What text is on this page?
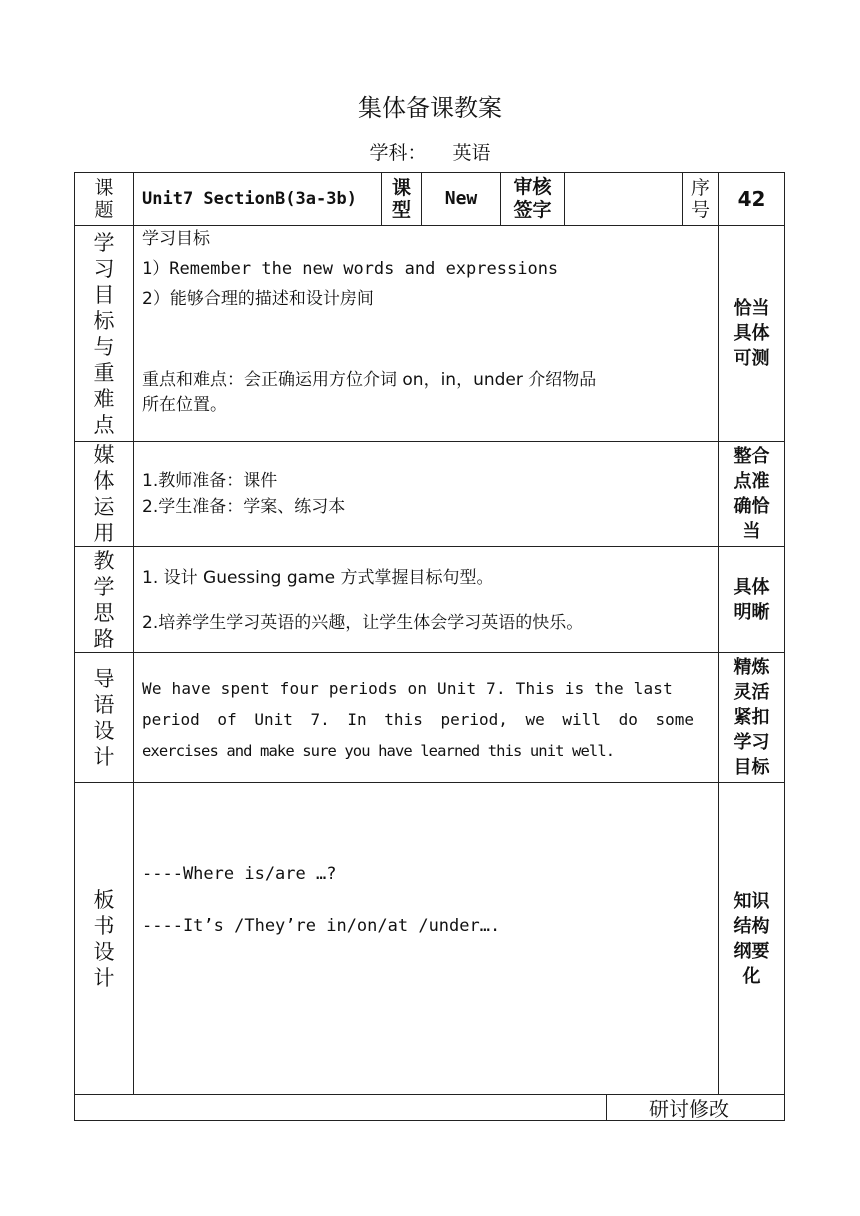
集体备课教案
学科： 英语
课题 Unit7 SectionB(3a-3b) 课型 New
审核签字
序号 42
学习目标与重难点
学习目标
1）Remember the new words and expressions
2）能够合理的描述和设计房间
重点和难点：会正确运用方位介词 on，in，under 介绍物品
所在位置。
恰当具体可测
媒体运用
1.教师准备：课件
2.学生准备：学案、练习本
整合点准确恰当
教学思路
1. 设计 Guessing game 方式掌握目标句型。
2.培养学生学习英语的兴趣，让学生体会学习英语的快乐。
具体明晰
导语设计
We have spent four periods on Unit 7. This is the last
period of Unit 7. In this period, we will do some
exercises and make sure you have learned this unit well.
精炼灵活紧扣学习目标
板书设计
----Where is/are …?
----It’s /They’re in/on/at /under….
知识结构纲要化
研讨修改
